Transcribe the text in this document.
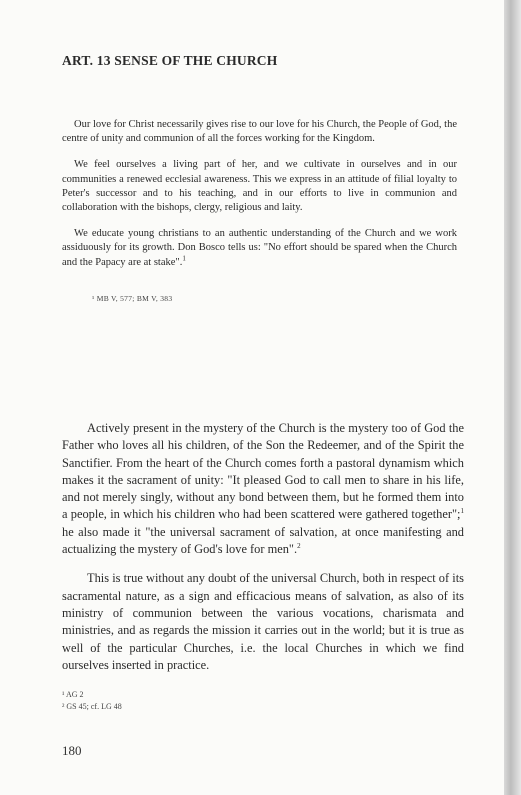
ART. 13 SENSE OF THE CHURCH

Our love for Christ necessarily gives rise to our love for his Church, the People of God, the centre of unity and communion of all the forces working for the Kingdom.

We feel ourselves a living part of her, and we cultivate in ourselves and in our communities a renewed ecclesial awareness. This we express in an attitude of filial loyalty to Peter's successor and to his teaching, and in our efforts to live in communion and collaboration with the bishops, clergy, religious and laity.

We educate young christians to an authentic understanding of the Church and we work assiduously for its growth. Don Bosco tells us: "No effort should be spared when the Church and the Papacy are at stake".$^1$

¹ MB V, 577; BM V, 383

Actively present in the mystery of the Church is the mystery too of God the Father who loves all his children, of the Son the Redeemer, and of the Spirit the Sanctifier. From the heart of the Church comes forth a pastoral dynamism which makes it the sacrament of unity: "It pleased God to call men to share in his life, and not merely singly, without any bond between them, but he formed them into a people, in which his children who had been scattered were gathered together";$^1$ he also made it "the universal sacrament of salvation, at once manifesting and actualizing the mystery of God's love for men".$^2$

This is true without any doubt of the universal Church, both in respect of its sacramental nature, as a sign and efficacious means of salvation, as also of its ministry of communion between the various vocations, charismata and ministries, and as regards the mission it carries out in the world; but it is true as well of the particular Churches, i.e. the local Churches in which we find ourselves inserted in practice.

¹ AG 2
² GS 45; cf. LG 48
180
